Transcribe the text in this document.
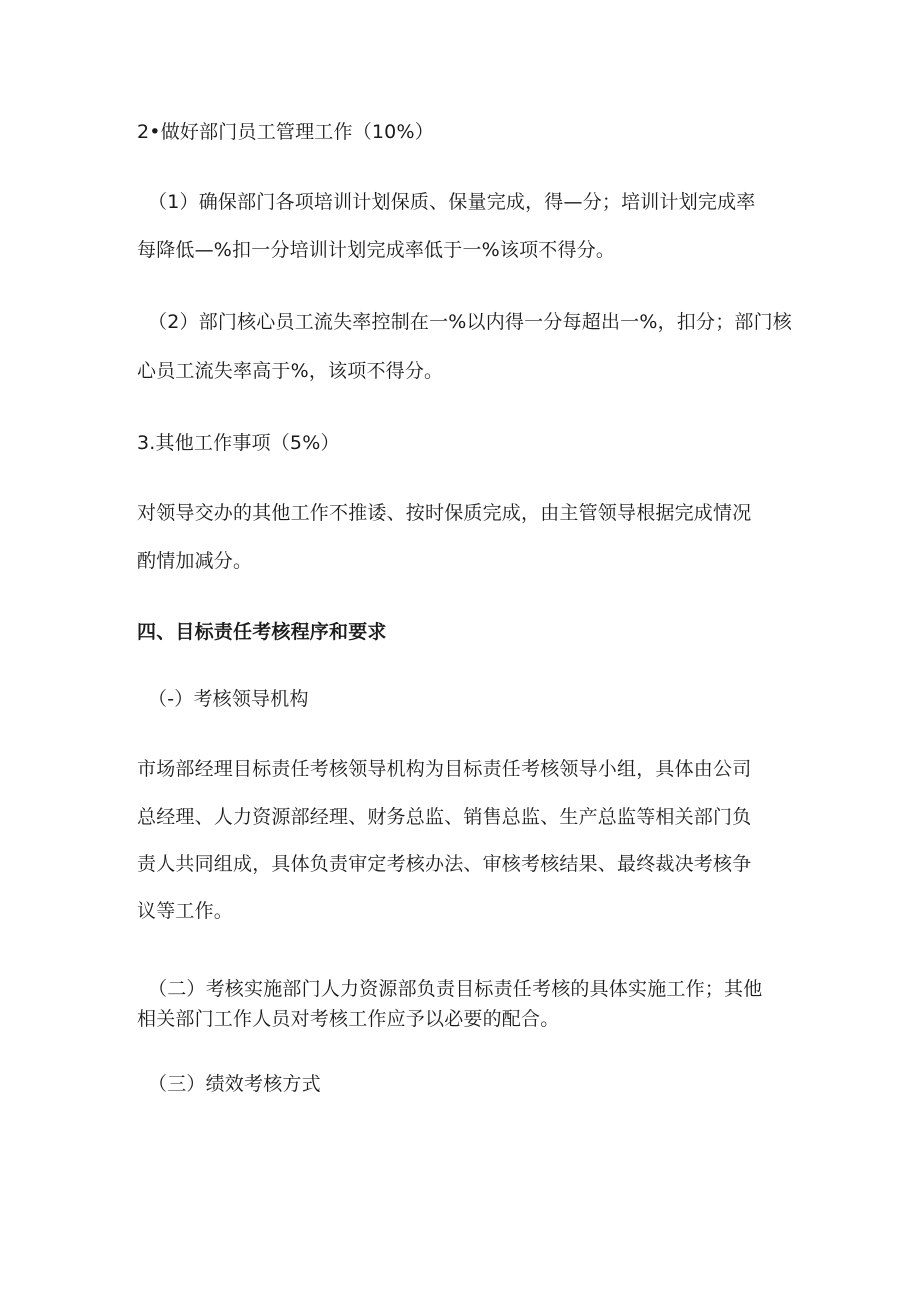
2•做好部门员工管理工作（10%）
（1）确保部门各项培训计划保质、保量完成，得—分；培训计划完成率
每降低—%扣一分培训计划完成率低于一%该项不得分。
（2）部门核心员工流失率控制在一%以内得一分每超出一%，扣分；部门核
心员工流失率高于%，该项不得分。
3.其他工作事项（5%）
对领导交办的其他工作不推诿、按时保质完成，由主管领导根据完成情况
酌情加减分。
四、目标责任考核程序和要求
（-）考核领导机构
市场部经理目标责任考核领导机构为目标责任考核领导小组，具体由公司
总经理、人力资源部经理、财务总监、销售总监、生产总监等相关部门负
责人共同组成，具体负责审定考核办法、审核考核结果、最终裁决考核争
议等工作。
（二）考核实施部门人力资源部负责目标责任考核的具体实施工作；其他
相关部门工作人员对考核工作应予以必要的配合。
（三）绩效考核方式
